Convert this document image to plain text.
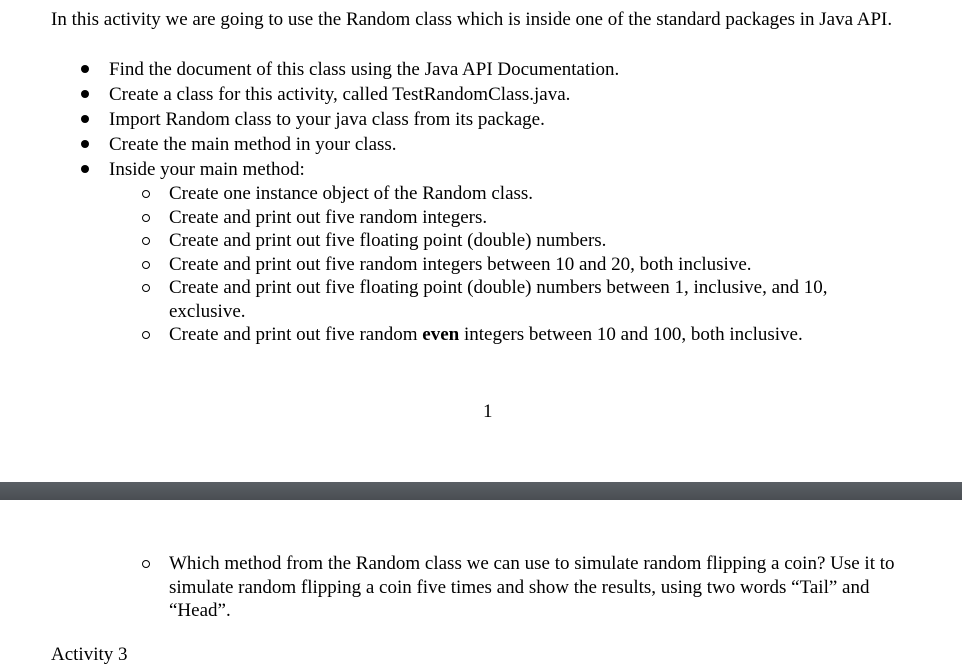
In this activity we are going to use the Random class which is inside one of the standard packages in Java API.

Find the document of this class using the Java API Documentation.
Create a class for this activity, called TestRandomClass.java.
Import Random class to your java class from its package.
Create the main method in your class.
Inside your main method:
Create one instance object of the Random class.
Create and print out five random integers.
Create and print out five floating point (double) numbers.
Create and print out five random integers between 10 and 20, both inclusive.
Create and print out five floating point (double) numbers between 1, inclusive, and 10, exclusive.
Create and print out five random even integers between 10 and 100, both inclusive.
1
Which method from the Random class we can use to simulate random flipping a coin? Use it to simulate random flipping a coin five times and show the results, using two words “Tail” and “Head”.
Activity 3
